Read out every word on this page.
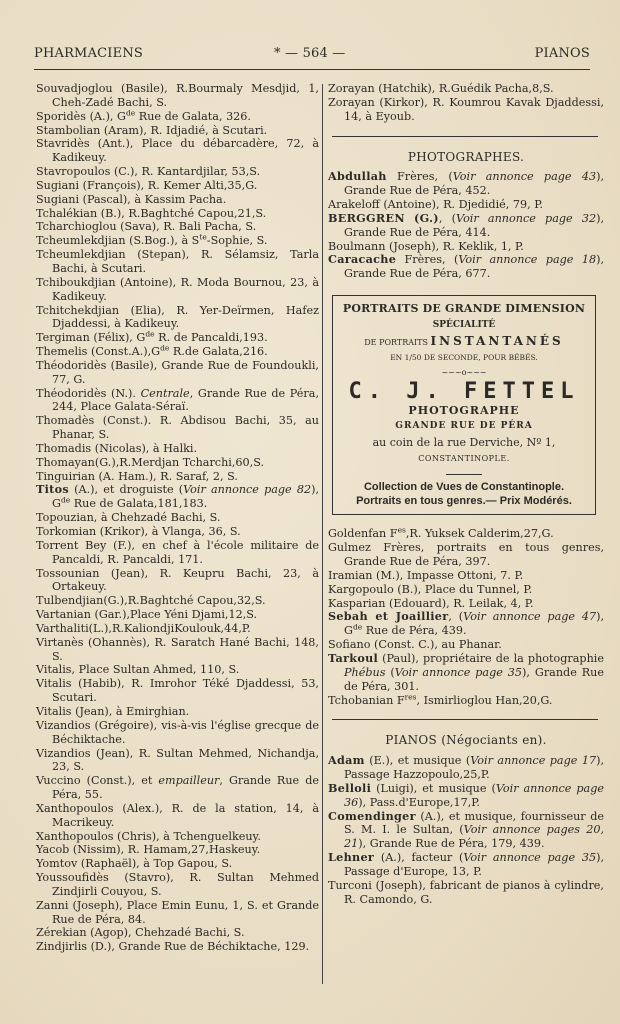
PHARMACIENS	* — 564 —	PIANOS

Souvadjoglou (Basile), R.Bourmaly Mesdjid, 1, Cheh-Zadé Bachi, S.

Sporidès (A.), $G^{de}$ Rue de Galata, 326.

Stambolian (Aram), R. Idjadié, à Scutari.

Stavridès (Ant.), Place du débarcadère, 72, à Kadikeuy.

Stavropoulos (C.), R. Kantardjilar, 53,S.

Sugiani (François), R. Kemer Alti,35,G.

Sugiani (Pascal), à Kassim Pacha.

Tchalékian (B.), R.Baghtché Capou,21,S.

Tcharchioglou (Sava), R. Bali Pacha, S.

Tcheumlekdjian (S.Bog.), à $S^{te}$-Sophie, S.

Tcheumlekdjian (Stepan), R. Sélamsiz, Tarla Bachi, à Scutari.

Tchiboukdjian (Antoine), R. Moda Bournou, 23, à Kadikeuy.

Tchitchekdjian (Elia), R. Yer-Deïrmen, Hafez Djaddessi, à Kadikeuy.

Tergiman (Félix), $G^{de}$ R. de Pancaldi,193.

Themelis $(Const.A.),G^{de}$ R.de Galata,216.

Théodoridès (Basile), Grande Rue de Foundoukli, 77, G.

Théodoridès (N.). Centrale, Grande Rue de Péra, 244, Place Galata-Séraï.

Thomadès (Const.). R. Abdisou Bachi, 35, au Phanar, S.

Thomadis (Nicolas), à Halki.

Thomayan(G.),R.Merdjan Tcharchi,60,S.

Tinguirian (A. Ham.), R. Saraf, 2, S.

Titos (A.), et droguiste (Voir annonce page 82), $G^{de}$ Rue de Galata,181,183.

Topouzian, à Chehzadé Bachi, S.

Torkomian (Krikor), à Vlanga, 36, S.

Torrent Bey (F.), en chef à l'école militaire de Pancaldi, R. Pancaldi, 171.

Tossounian (Jean), R. Keupru Bachi, 23, à Ortakeuy.

Tulbendjian(G.),R.Baghtché Capou,32,S.

Vartanian (Gar.),Place Yéni Djami,12,S.

Varthaliti(L.),R.KaliondjiKoulouk,44,P.

Virtanès (Ohannès), R. Saratch Hané Bachi, 148, S.

Vitalis, Place Sultan Ahmed, 110, S.

Vitalis (Habib), R. Imrohor Téké Djaddessi, 53, Scutari.

Vitalis (Jean), à Emirghian.

Vizandios (Grégoire), vis-à-vis l'église grecque de Béchiktache.

Vizandios (Jean), R. Sultan Mehmed, Nichandja, 23, S.

Vuccino (Const.), et empailleur, Grande Rue de Péra, 55.

Xanthopoulos (Alex.), R. de la station, 14, à Macrikeuy.

Xanthopoulos (Chris), à Tchenguelkeuy.

Yacob (Nissim), R. Hamam,27,Haskeuy.

Yomtov (Raphaël), à Top Gapou, S.

Youssoufidès (Stavro), R. Sultan Mehmed Zindjirli Couyou, S.

Zanni (Joseph), Place Emin Eunu, 1, S. et Grande Rue de Péra, 84.

Zérekian (Agop), Chehzadé Bachi, S.

Zindjirlis (D.), Grande Rue de Béchiktache, 129.

Zorayan (Hatchik), R.Guédik Pacha,8,S.

Zorayan (Kirkor), R. Koumrou Kavak Djaddessi, 14, à Eyoub.

PHOTOGRAPHES.

Abdullah Frères, (Voir annonce page 43), Grande Rue de Péra, 452.

Arakeloff (Antoine), R. Djedidié, 79, P.

BERGGREN (G.), (Voir annonce page 32), Grande Rue de Péra, 414.

Boulmann (Joseph), R. Keklik, 1, P.

Caracache Frères, (Voir annonce page 18), Grande Rue de Péra, 677.

PORTRAITS DE GRANDE DIMENSION
SPÉCIALITÉ
DE PORTRAITS INSTANTANÉS
EN 1/50 DE SECONDE, POUR BÉBÉS.
~~~o~~~
C. J. FETTEL
PHOTOGRAPHE
GRANDE RUE DE PÉRA
au coin de la rue Derviche, Nº 1,
CONSTANTINOPLE.
Collection de Vues de Constantinople.
Portraits en tous genres.— Prix Modérés.

Goldenfan $F^{es},R$. Yuksek Calderim,27,G.

Gulmez Frères, portraits en tous genres, Grande Rue de Péra, 397.

Iramian (M.), Impasse Ottoni, 7. P.

Kargopoulo (B.), Place du Tunnel, P.

Kasparian (Edouard), R. Leilak, 4, P.

Sebah et Joaillier, (Voir annonce page 47), $G^{de}$ Rue de Péra, 439.

Sofiano (Const. C.), au Phanar.

Tarkoul (Paul), propriétaire de la photographie Phébus (Voir annonce page 35), Grande Rue de Péra, 301.

Tchobanian $F^{res}$, Ismirlioglou Han,20,G.

PIANOS (Négociants en).

Adam (E.), et musique (Voir annonce page 17), Passage Hazzopoulo,25,P.

Belloli (Luigi), et musique (Voir annonce page 36), Pass.d'Europe,17,P.

Comendinger (A.), et musique, fournisseur de S. M. I. le Sultan, (Voir annonce pages 20, 21), Grande Rue de Péra, 179, 439.

Lehner (A.), facteur (Voir annonce page 35), Passage d'Europe, 13, P.

Turconi (Joseph), fabricant de pianos à cylindre, R. Camondo, G.
